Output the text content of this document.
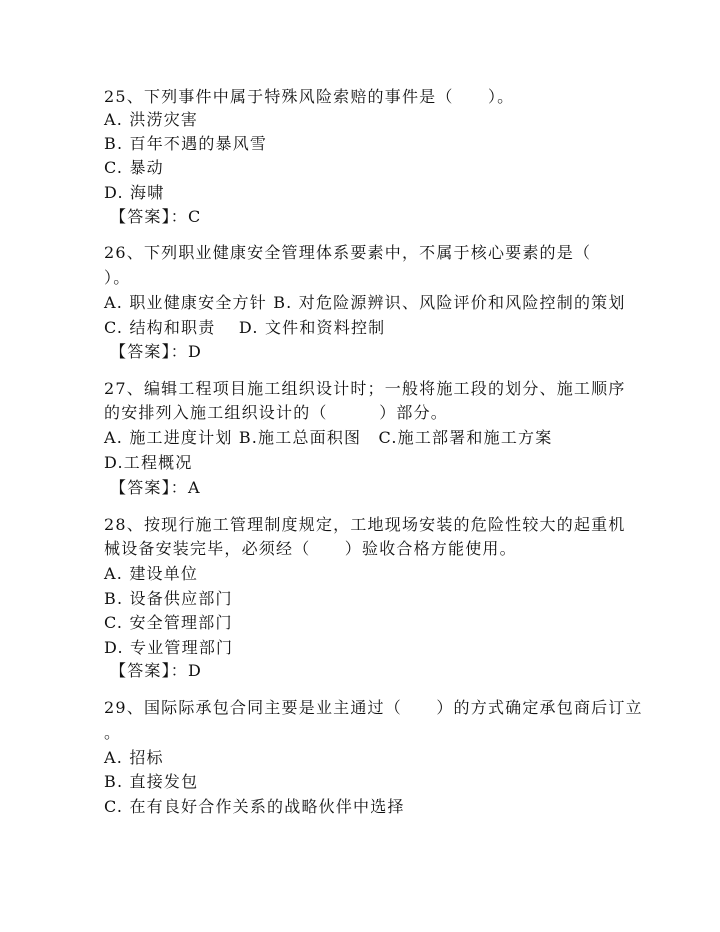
25、下列事件中属于特殊风险索赔的事件是（　　）。
A. 洪涝灾害
B. 百年不遇的暴风雪
C. 暴动
D. 海啸
【答案】：C
26、下列职业健康安全管理体系要素中，不属于核心要素的是（
）。
A. 职业健康安全方针 B. 对危险源辨识、风险评价和风险控制的策划
C. 结构和职责　 D. 文件和资料控制
【答案】：D
27、编辑工程项目施工组织设计时；一般将施工段的划分、施工顺序
的安排列入施工组织设计的（　　　）部分。
A. 施工进度计划 B.施工总面积图　C.施工部署和施工方案
D.工程概况
【答案】：A
28、按现行施工管理制度规定，工地现场安装的危险性较大的起重机
械设备安装完毕，必须经（　　）验收合格方能使用。
A. 建设单位
B. 设备供应部门
C. 安全管理部门
D. 专业管理部门
【答案】：D
29、国际际承包合同主要是业主通过（　　）的方式确定承包商后订立
。
A. 招标
B. 直接发包
C. 在有良好合作关系的战略伙伴中选择
